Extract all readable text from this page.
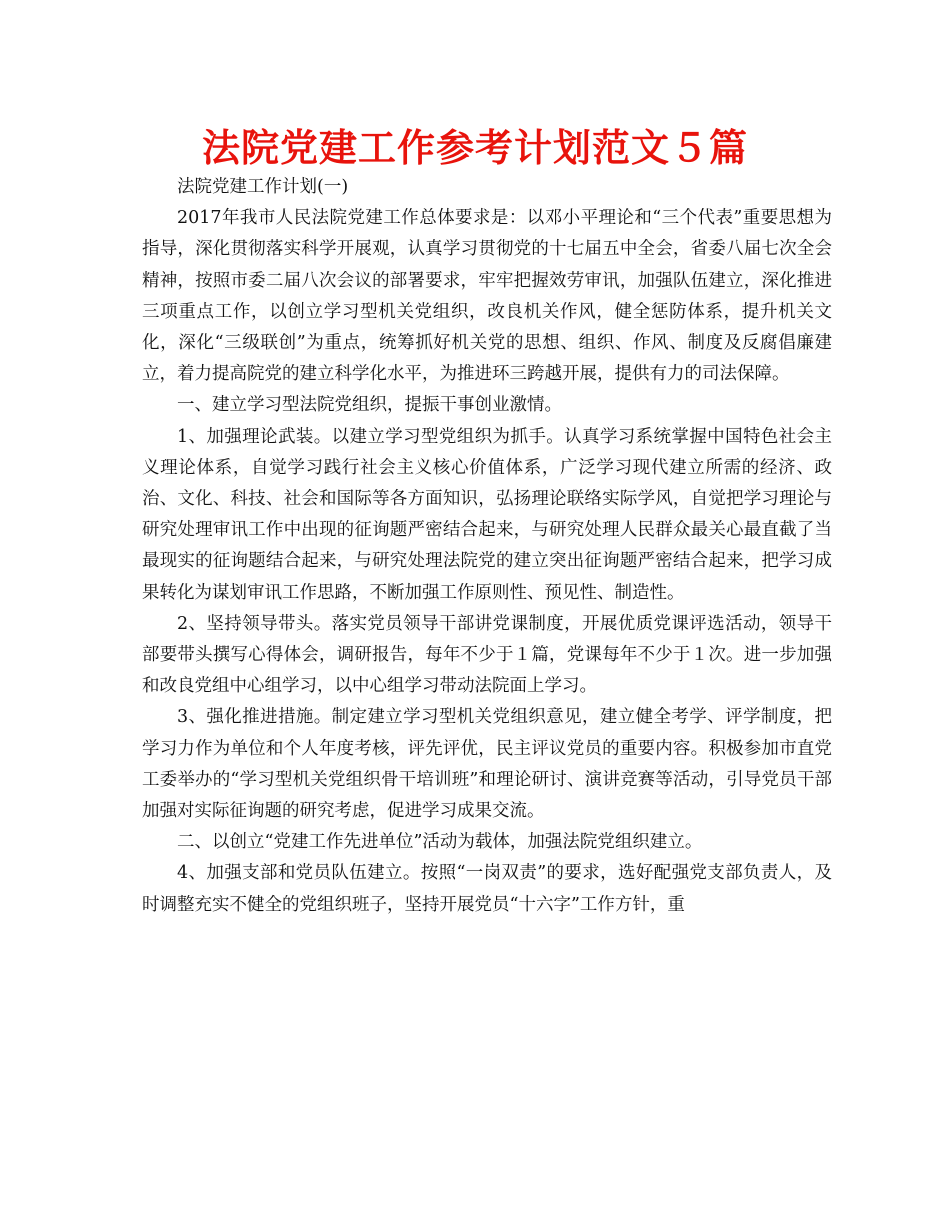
法院党建工作参考计划范文５篇

法院党建工作计划(一)

2017年我市人民法院党建工作总体要求是：以邓小平理论和“三个代表”重要思想为指导，深化贯彻落实科学开展观，认真学习贯彻党的十七届五中全会，省委八届七次全会精神，按照市委二届八次会议的部署要求，牢牢把握效劳审讯，加强队伍建立，深化推进三项重点工作，以创立学习型机关党组织，改良机关作风，健全惩防体系，提升机关文化，深化“三级联创”为重点，统筹抓好机关党的思想、组织、作风、制度及反腐倡廉建立，着力提高院党的建立科学化水平，为推进环三跨越开展，提供有力的司法保障。

一、建立学习型法院党组织，提振干事创业激情。

1、加强理论武装。以建立学习型党组织为抓手。认真学习系统掌握中国特色社会主义理论体系，自觉学习践行社会主义核心价值体系，广泛学习现代建立所需的经济、政治、文化、科技、社会和国际等各方面知识，弘扬理论联络实际学风，自觉把学习理论与研究处理审讯工作中出现的征询题严密结合起来，与研究处理人民群众最关心最直截了当最现实的征询题结合起来，与研究处理法院党的建立突出征询题严密结合起来，把学习成果转化为谋划审讯工作思路，不断加强工作原则性、预见性、制造性。

2、坚持领导带头。落实党员领导干部讲党课制度，开展优质党课评选活动，领导干部要带头撰写心得体会，调研报告，每年不少于１篇，党课每年不少于１次。进一步加强和改良党组中心组学习，以中心组学习带动法院面上学习。

3、强化推进措施。制定建立学习型机关党组织意见，建立健全考学、评学制度，把学习力作为单位和个人年度考核，评先评优，民主评议党员的重要内容。积极参加市直党工委举办的“学习型机关党组织骨干培训班”和理论研讨、演讲竞赛等活动，引导党员干部加强对实际征询题的研究考虑，促进学习成果交流。

二、以创立“党建工作先进单位”活动为载体，加强法院党组织建立。

4、加强支部和党员队伍建立。按照“一岗双责”的要求，选好配强党支部负责人，及时调整充实不健全的党组织班子，坚持开展党员“十六字”工作方针，重
